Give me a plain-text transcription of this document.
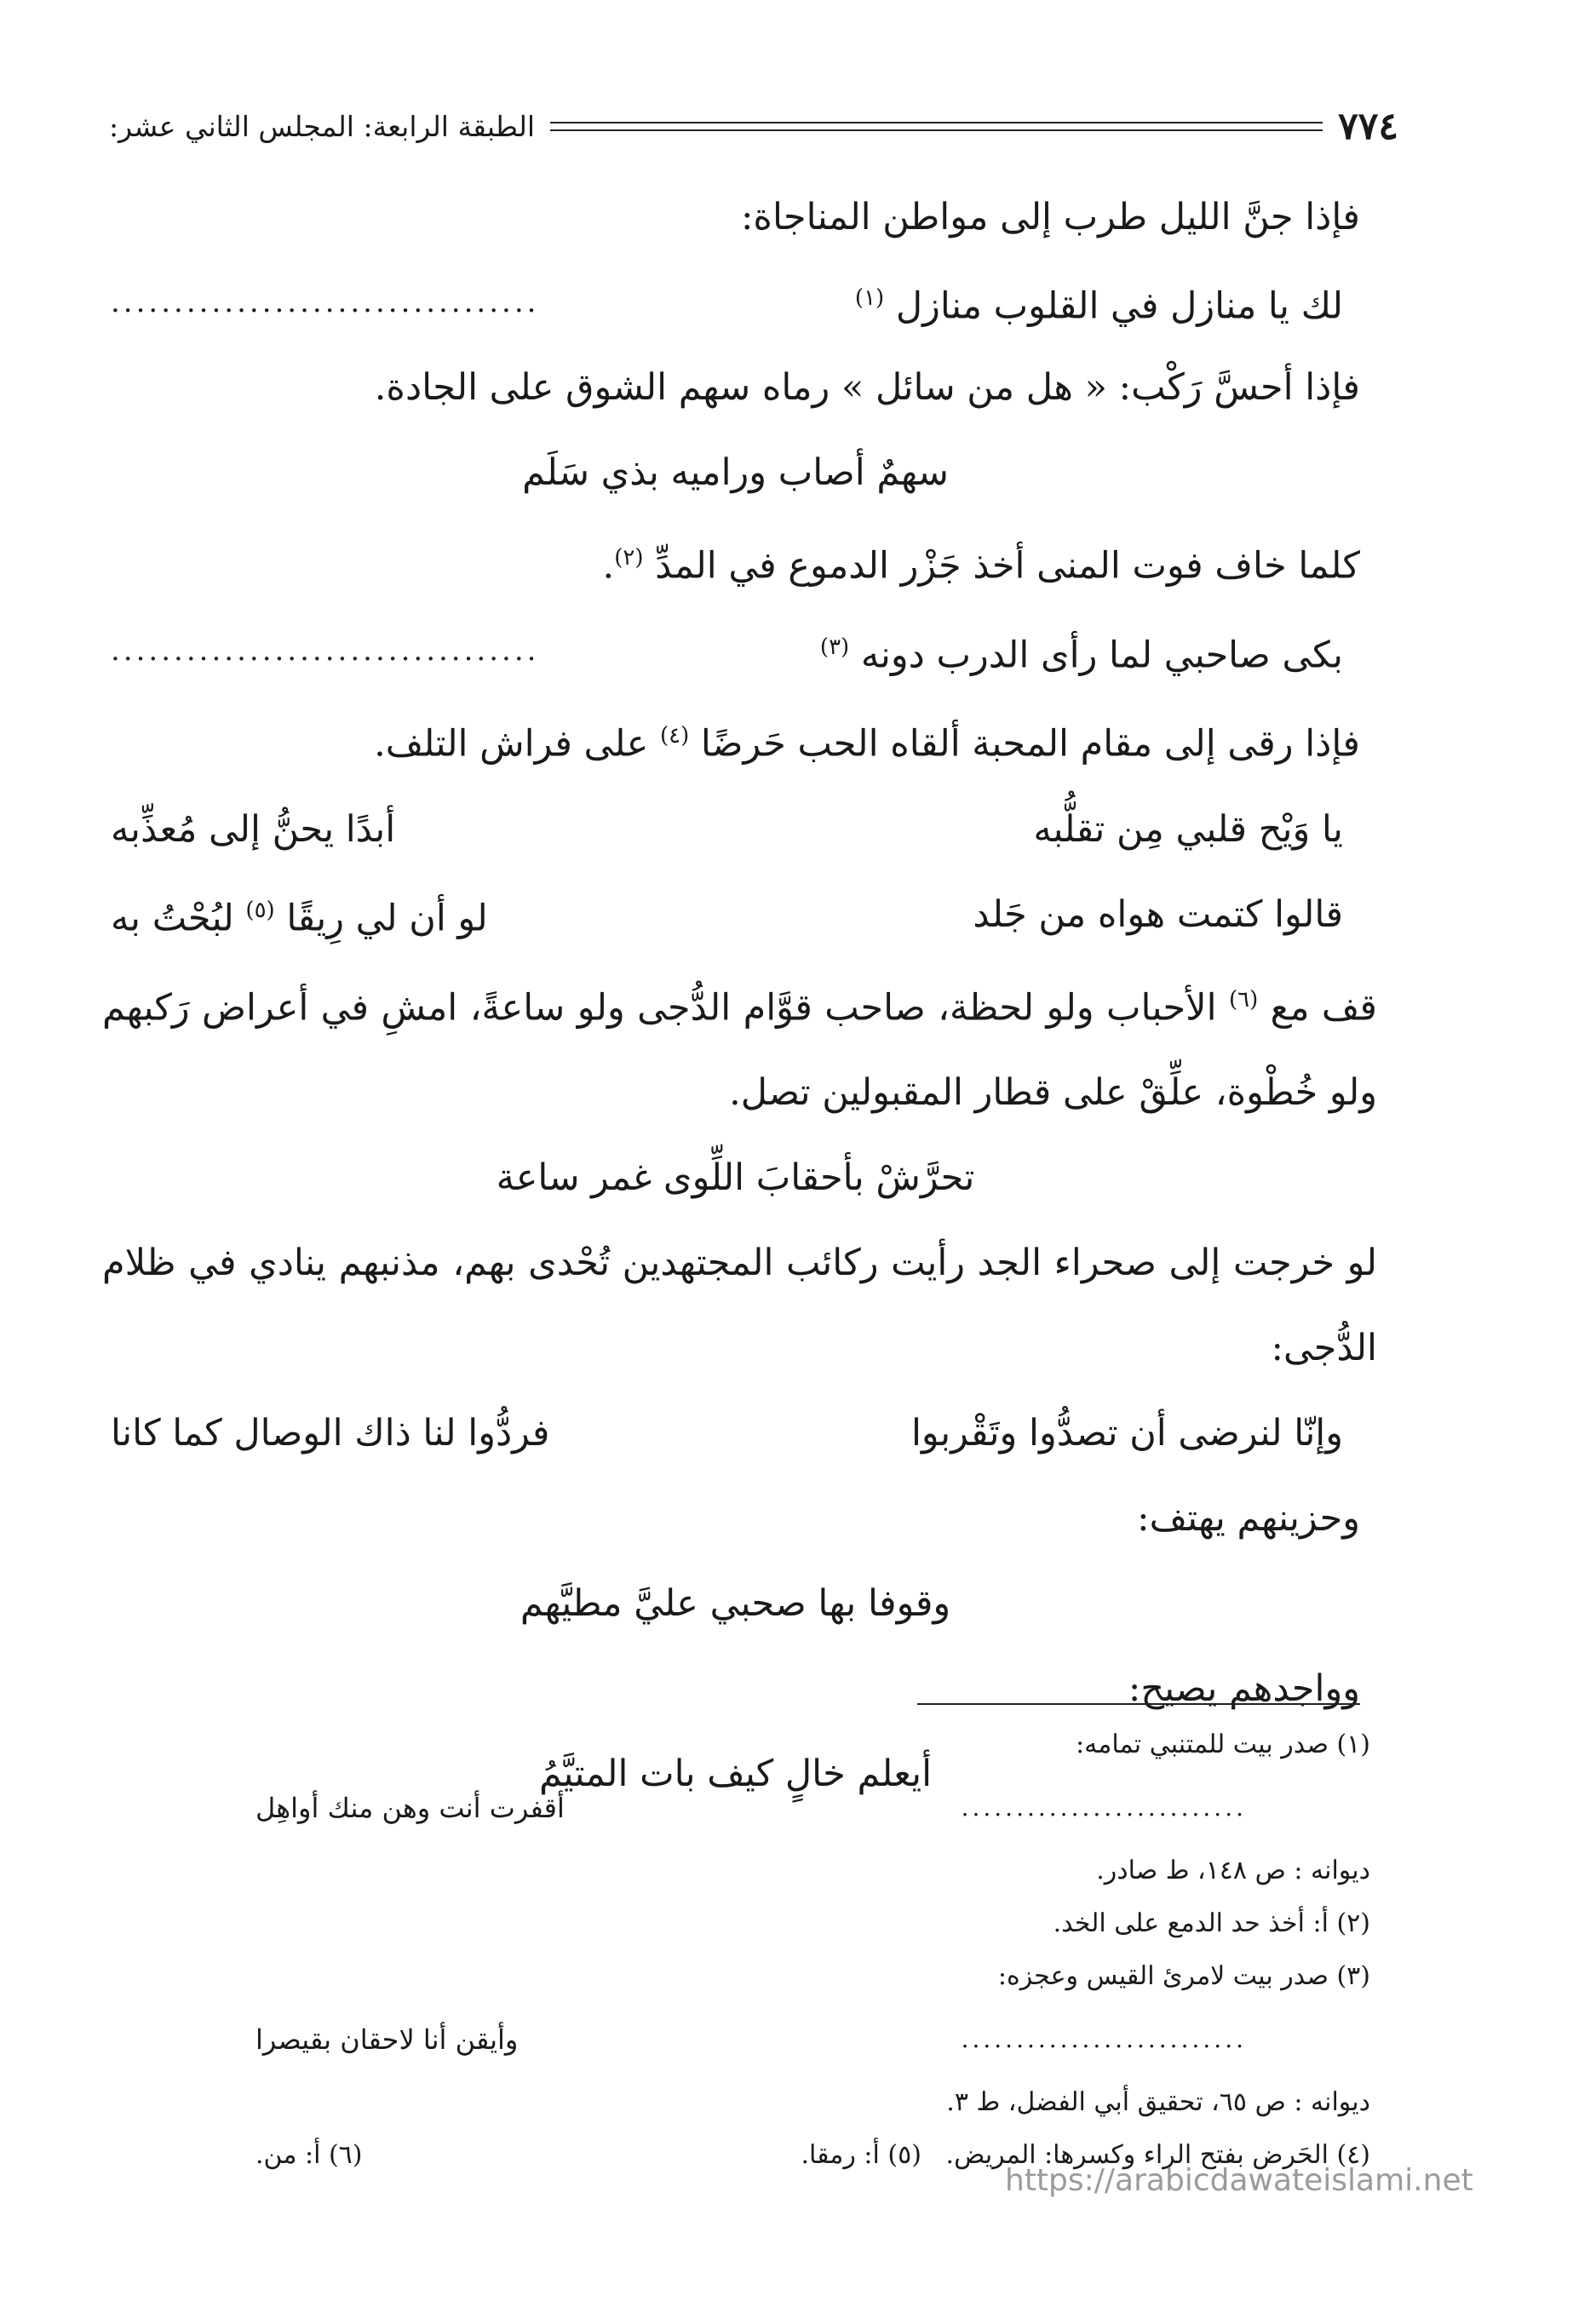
٧٧٤
الطبقة الرابعة: المجلس الثاني عشر:
فإذا جنَّ الليل طرب إلى مواطن المناجاة:
لك يا منازل في القلوب منازل $^{(١)}$
..................................
فإذا أحسَّ رَكْب: « هل من سائل » رماه سهم الشوق على الجادة.
سهمٌ أصاب وراميه بذي سَلَم
كلما خاف فوت المنى أخذ جَزْر الدموع في المدِّ $^{(٢)}$.
بكى صاحبي لما رأى الدرب دونه $^{(٣)}$
..................................
فإذا رقى إلى مقام المحبة ألقاه الحب حَرضًا $^{(٤)}$ على فراش التلف.
يا وَيْح قلبي مِن تقلُّبه
أبدًا يحنُّ إلى مُعذِّبه
قالوا كتمت هواه من جَلد
لو أن لي رِيقًا $^{(٥)}$ لبُحْتُ به
قف مع $^{(٦)}$ الأحباب ولو لحظة، صاحب قوَّام الدُّجى ولو ساعةً، امشِ في أعراض رَكبهم ولو خُطْوة، علِّقْ على قطار المقبولين تصل.
تحرَّشْ بأحقابَ اللِّوى غمر ساعة
لو خرجت إلى صحراء الجد رأيت ركائب المجتهدين تُحْدى بهم، مذنبهم ينادي في ظلام الدُّجى:
وإنّا لنرضى أن تصدُّوا وتَقْربوا
فردُّوا لنا ذاك الوصال كما كانا
وحزينهم يهتف:
وقوفا بها صحبي عليَّ مطيَّهم
وواجدهم يصيح:
أيعلم خالٍ كيف بات المتيَّمُ
(١) صدر بيت للمتنبي تمامه:
..........................
أقفرت أنت وهن منك أواهِل
ديوانه : ص ١٤٨، ط صادر.
(٢) أ: أخذ حد الدمع على الخد.
(٣) صدر بيت لامرئ القيس وعجزه:
..........................
وأيقن أنا لاحقان بقيصرا
ديوانه : ص ٦٥، تحقيق أبي الفضل، ط ٣.
(٤) الحَرض بفتح الراء وكسرها: المريض.   (٥) أ: رمقا.
(٦) أ: من.
https://arabicdawateislami.net
